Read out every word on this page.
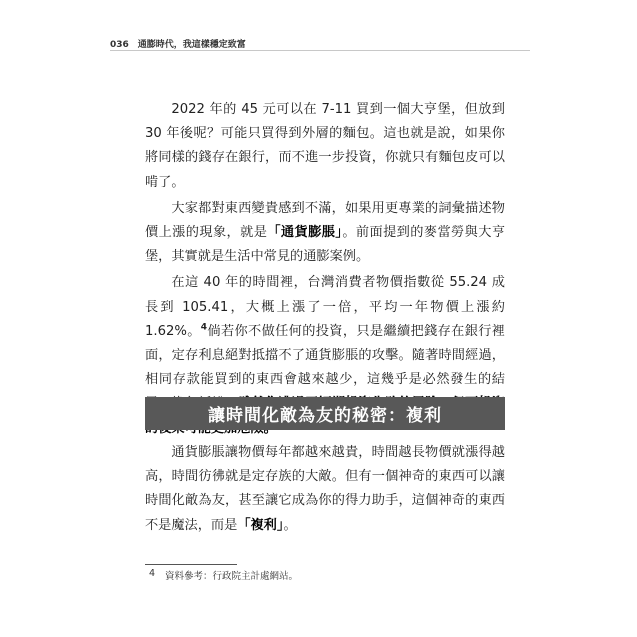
036 通膨時代，我這樣穩定致富

2022 年的 45 元可以在 7-11 買到一個大亨堡，但放到 30 年後呢？可能只買得到外層的麵包。這也就是說，如果你將同樣的錢存在銀行，而不進一步投資，你就只有麵包皮可以啃了。

大家都對東西變貴感到不滿，如果用更專業的詞彙描述物價上漲的現象，就是「通貨膨脹」。前面提到的麥當勞與大亨堡，其實就是生活中常見的通膨案例。

在這 40 年的時間裡，台灣消費者物價指數從 55.24 成長到 105.41，大概上漲了一倍，平均一年物價上漲約 1.62%。$^4$倘若你不做任何的投資，只是繼續把錢存在銀行裡面，定存利息絕對抵擋不了通貨膨脹的攻擊。隨著時間經過，相同存款能買到的東西會越來越少，這幾乎是必然發生的結

讓時間化敵為友的秘密：複利

通貨膨脹讓物價每年都越來越貴，時間越長物價就漲得越高，時間彷彿就是定存族的大敵。但有一個神奇的東西可以讓時間化敵為友，甚至讓它成為你的得力助手，這個神奇的東西不是魔法，而是「複利」。

4 資料參考：行政院主計處網站。
